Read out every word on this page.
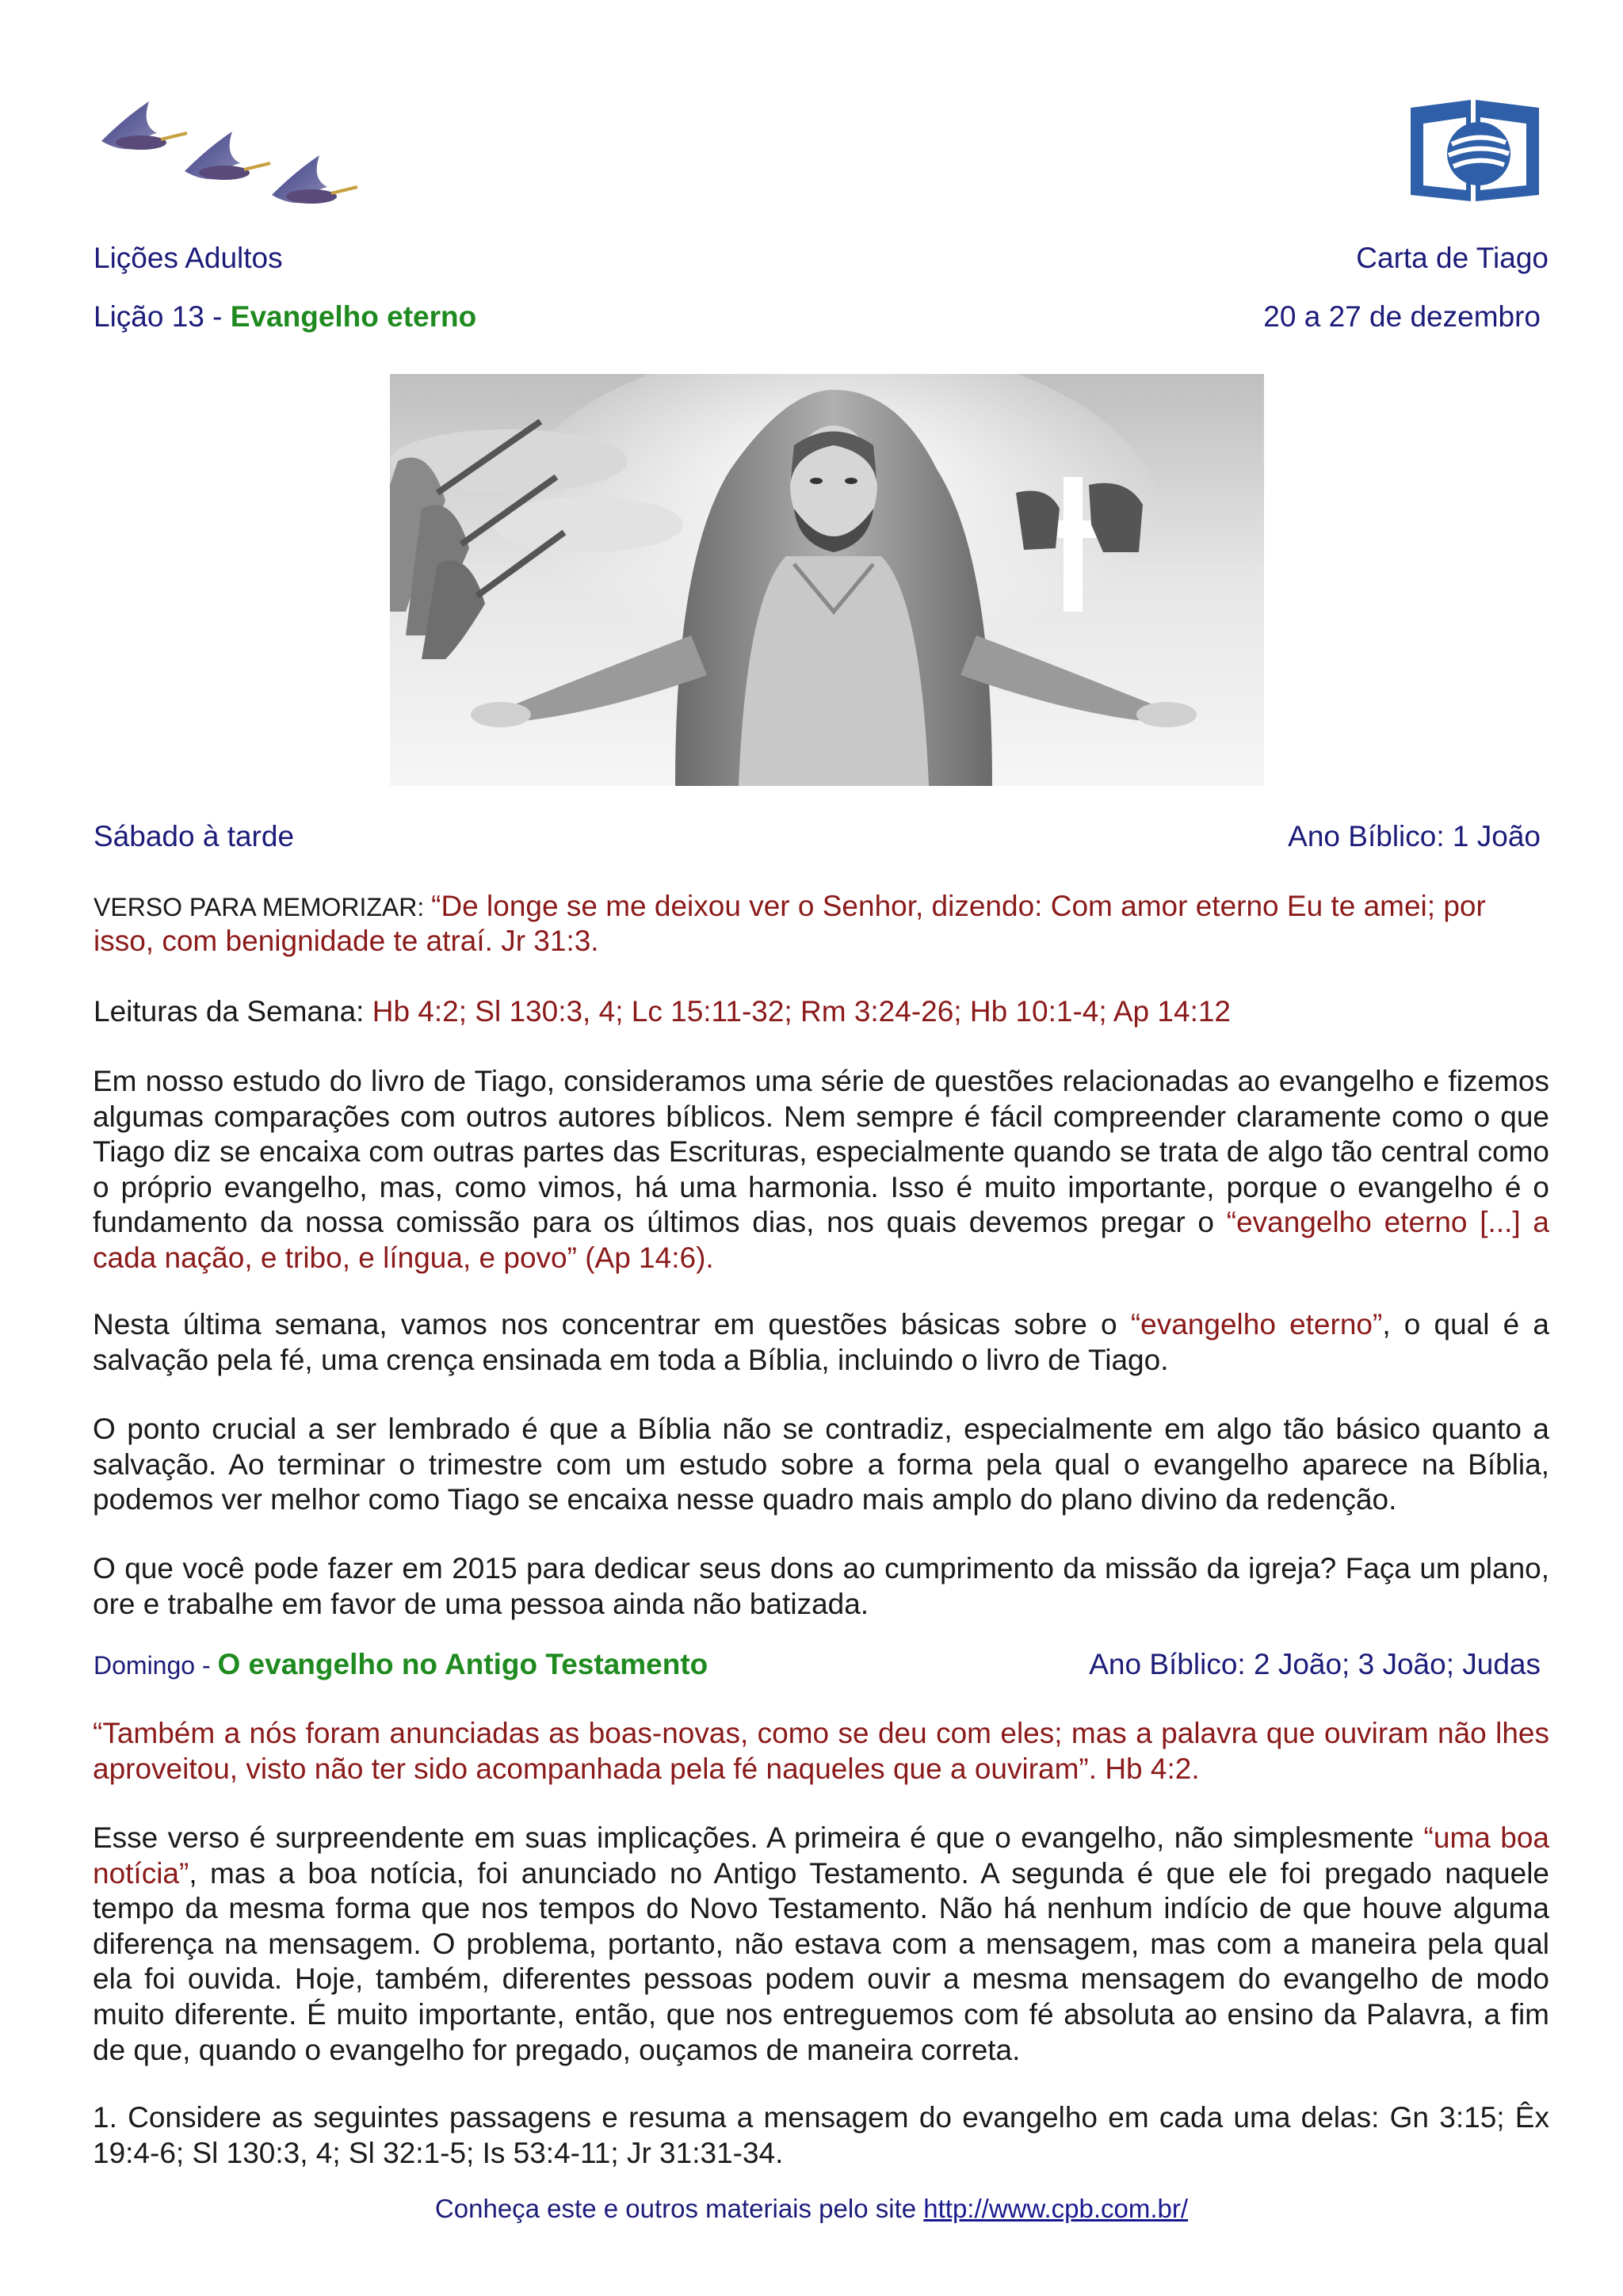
Lições Adultos	Carta de Tiago
Lição 13 - Evangelho eterno	20 a 27 de dezembro
Sábado à tarde	Ano Bíblico: 1 João
VERSO PARA MEMORIZAR: “De longe se me deixou ver o Senhor, dizendo: Com amor eterno Eu te amei; por
isso, com benignidade te atraí. Jr 31:3.
Leituras da Semana: Hb 4:2; Sl 130:3, 4; Lc 15:11-32; Rm 3:24-26; Hb 10:1-4; Ap 14:12

Em nosso estudo do livro de Tiago, consideramos uma série de questões relacionadas ao evangelho e fizemos algumas comparações com outros autores bíblicos. Nem sempre é fácil compreender claramente como o que Tiago diz se encaixa com outras partes das Escrituras, especialmente quando se trata de algo tão central como o próprio evangelho, mas, como vimos, há uma harmonia. Isso é muito importante, porque o evangelho é o fundamento da nossa comissão para os últimos dias, nos quais devemos pregar o “evangelho eterno [...] a cada nação, e tribo, e língua, e povo” (Ap 14:6).

Nesta última semana, vamos nos concentrar em questões básicas sobre o “evangelho eterno”, o qual é a salvação pela fé, uma crença ensinada em toda a Bíblia, incluindo o livro de Tiago.

O ponto crucial a ser lembrado é que a Bíblia não se contradiz, especialmente em algo tão básico quanto a salvação. Ao terminar o trimestre com um estudo sobre a forma pela qual o evangelho aparece na Bíblia, podemos ver melhor como Tiago se encaixa nesse quadro mais amplo do plano divino da redenção.
O que você pode fazer em 2015 para dedicar seus dons ao cumprimento da missão da igreja? Faça um plano, ore e trabalhe em favor de uma pessoa ainda não batizada.
Domingo - O evangelho no Antigo Testamento	Ano Bíblico: 2 João; 3 João; Judas
“Também a nós foram anunciadas as boas-novas, como se deu com eles; mas a palavra que ouviram não lhes aproveitou, visto não ter sido acompanhada pela fé naqueles que a ouviram”. Hb 4:2.

Esse verso é surpreendente em suas implicações. A primeira é que o evangelho, não simplesmente “uma boa notícia”, mas a boa notícia, foi anunciado no Antigo Testamento. A segunda é que ele foi pregado naquele tempo da mesma forma que nos tempos do Novo Testamento. Não há nenhum indício de que houve alguma diferença na mensagem. O problema, portanto, não estava com a mensagem, mas com a maneira pela qual ela foi ouvida. Hoje, também, diferentes pessoas podem ouvir a mesma mensagem do evangelho de modo muito diferente. É muito importante, então, que nos entreguemos com fé absoluta ao ensino da Palavra, a fim de que, quando o evangelho for pregado, ouçamos de maneira correta.

1. Considere as seguintes passagens e resuma a mensagem do evangelho em cada uma delas: Gn 3:15; Êx 19:4-6; Sl 130:3, 4; Sl 32:1-5; Is 53:4-11; Jr 31:31-34.
Conheça este e outros materiais pelo site http://www.cpb.com.br/
